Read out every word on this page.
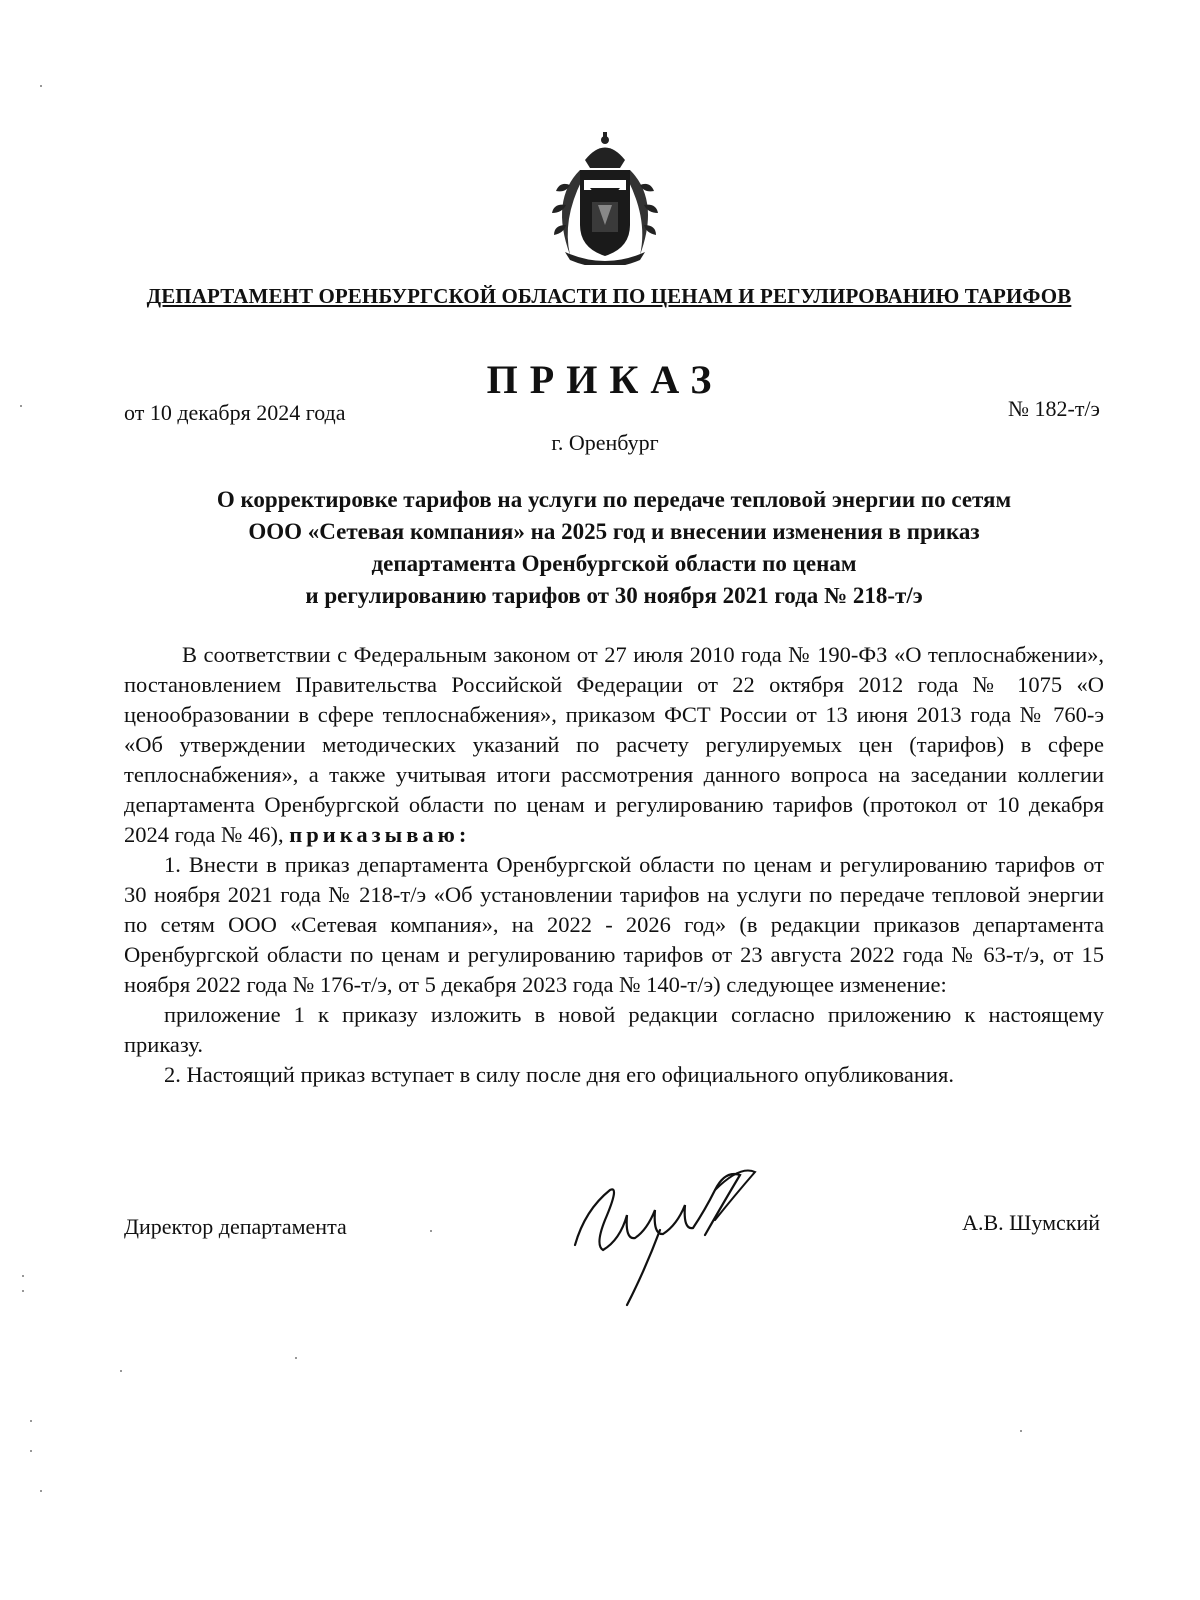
ДЕПАРТАМЕНТ ОРЕНБУРГСКОЙ ОБЛАСТИ ПО ЦЕНАМ И РЕГУЛИРОВАНИЮ ТАРИФОВ
ПРИКАЗ
от 10 декабря 2024 года	№ 182-т/э
г. Оренбург
О корректировке тарифов на услуги по передаче тепловой энергии по сетям
ООО «Сетевая компания» на 2025 год и внесении изменения в приказ
департамента Оренбургской области по ценам
и регулированию тарифов от 30 ноября 2021 года № 218-т/э

В соответствии с Федеральным законом от 27 июля 2010 года № 190-ФЗ «О теплоснабжении», постановлением Правительства Российской Федерации от 22 октября 2012 года № 1075 «О ценообразовании в сфере теплоснабжения», приказом ФСТ России от 13 июня 2013 года № 760-э «Об утверждении методических указаний по расчету регулируемых цен (тарифов) в сфере теплоснабжения», а также учитывая итоги рассмотрения данного вопроса на заседании коллегии департамента Оренбургской области по ценам и регулированию тарифов (протокол от 10 декабря 2024 года № 46), приказываю:

1. Внести в приказ департамента Оренбургской области по ценам и регулированию тарифов от 30 ноября 2021 года № 218-т/э «Об установлении тарифов на услуги по передаче тепловой энергии по сетям ООО «Сетевая компания», на 2022 - 2026 год» (в редакции приказов департамента Оренбургской области по ценам и регулированию тарифов от 23 августа 2022 года № 63-т/э, от 15 ноября 2022 года № 176-т/э, от 5 декабря 2023 года № 140-т/э) следующее изменение:

приложение 1 к приказу изложить в новой редакции согласно приложению к настоящему приказу.

2. Настоящий приказ вступает в силу после дня его официального опубликования.

Директор департамента	А.В. Шумский
